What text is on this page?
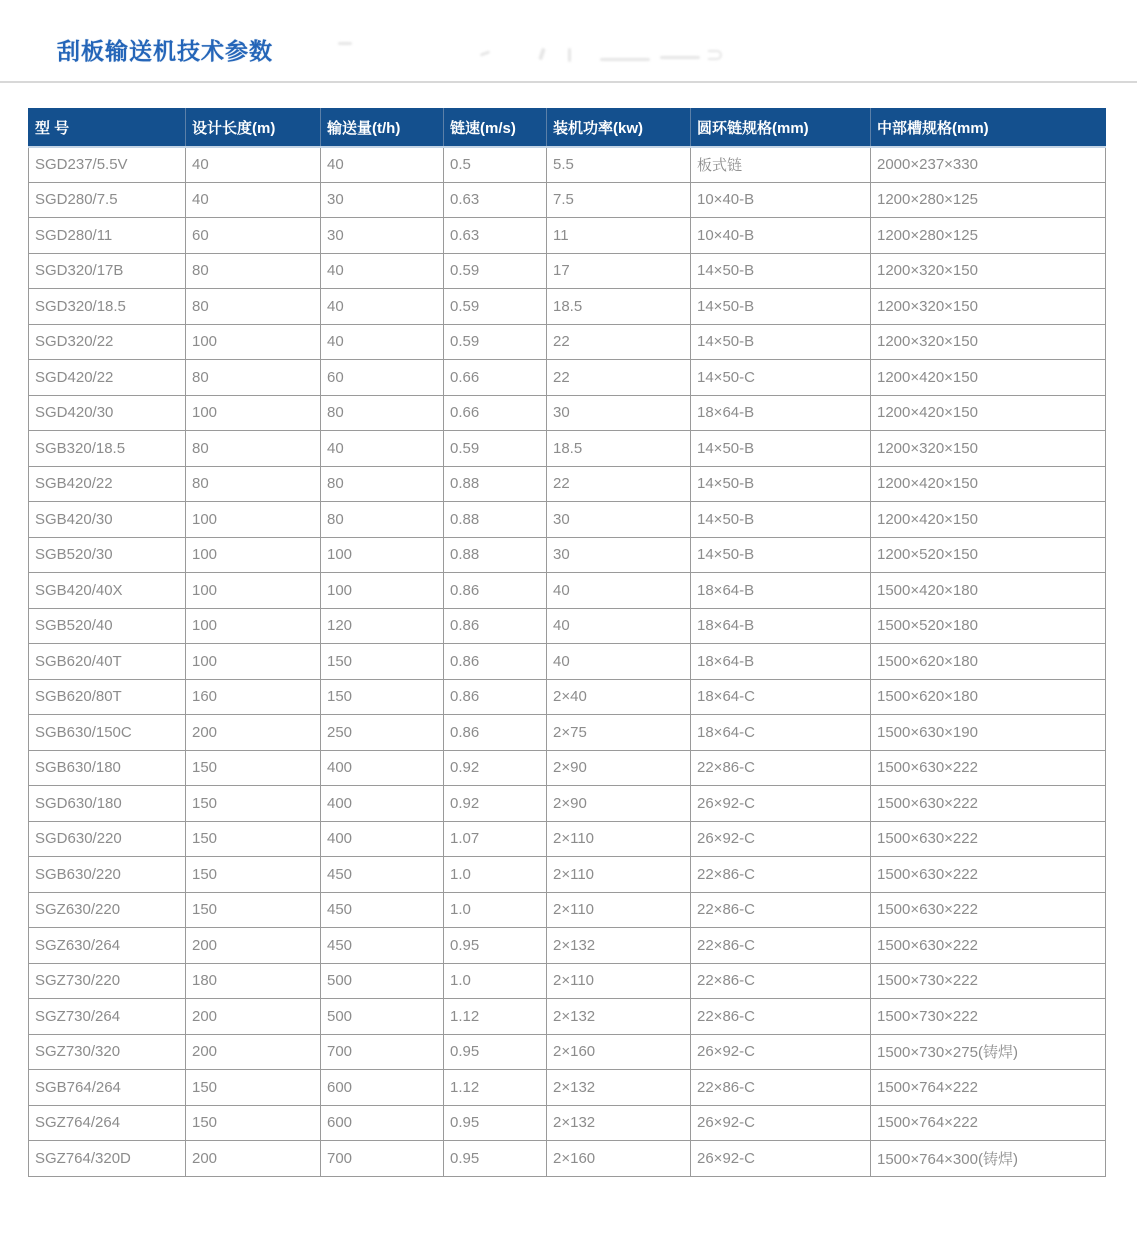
刮板输送机技术参数
型 号	设计长度(m)	输送量(t/h)	链速(m/s)	装机功率(kw)	圆环链规格(mm)	中部槽规格(mm)
SGD237/5.5V	40	40	0.5	5.5	板式链	2000×237×330
SGD280/7.5	40	30	0.63	7.5	10×40-B	1200×280×125
SGD280/11	60	30	0.63	11	10×40-B	1200×280×125
SGD320/17B	80	40	0.59	17	14×50-B	1200×320×150
SGD320/18.5	80	40	0.59	18.5	14×50-B	1200×320×150
SGD320/22	100	40	0.59	22	14×50-B	1200×320×150
SGD420/22	80	60	0.66	22	14×50-C	1200×420×150
SGD420/30	100	80	0.66	30	18×64-B	1200×420×150
SGB320/18.5	80	40	0.59	18.5	14×50-B	1200×320×150
SGB420/22	80	80	0.88	22	14×50-B	1200×420×150
SGB420/30	100	80	0.88	30	14×50-B	1200×420×150
SGB520/30	100	100	0.88	30	14×50-B	1200×520×150
SGB420/40X	100	100	0.86	40	18×64-B	1500×420×180
SGB520/40	100	120	0.86	40	18×64-B	1500×520×180
SGB620/40T	100	150	0.86	40	18×64-B	1500×620×180
SGB620/80T	160	150	0.86	2×40	18×64-C	1500×620×180
SGB630/150C	200	250	0.86	2×75	18×64-C	1500×630×190
SGB630/180	150	400	0.92	2×90	22×86-C	1500×630×222
SGD630/180	150	400	0.92	2×90	26×92-C	1500×630×222
SGD630/220	150	400	1.07	2×110	26×92-C	1500×630×222
SGB630/220	150	450	1.0	2×110	22×86-C	1500×630×222
SGZ630/220	150	450	1.0	2×110	22×86-C	1500×630×222
SGZ630/264	200	450	0.95	2×132	22×86-C	1500×630×222
SGZ730/220	180	500	1.0	2×110	22×86-C	1500×730×222
SGZ730/264	200	500	1.12	2×132	22×86-C	1500×730×222
SGZ730/320	200	700	0.95	2×160	26×92-C	1500×730×275(铸焊)
SGB764/264	150	600	1.12	2×132	22×86-C	1500×764×222
SGZ764/264	150	600	0.95	2×132	26×92-C	1500×764×222
SGZ764/320D	200	700	0.95	2×160	26×92-C	1500×764×300(铸焊)
